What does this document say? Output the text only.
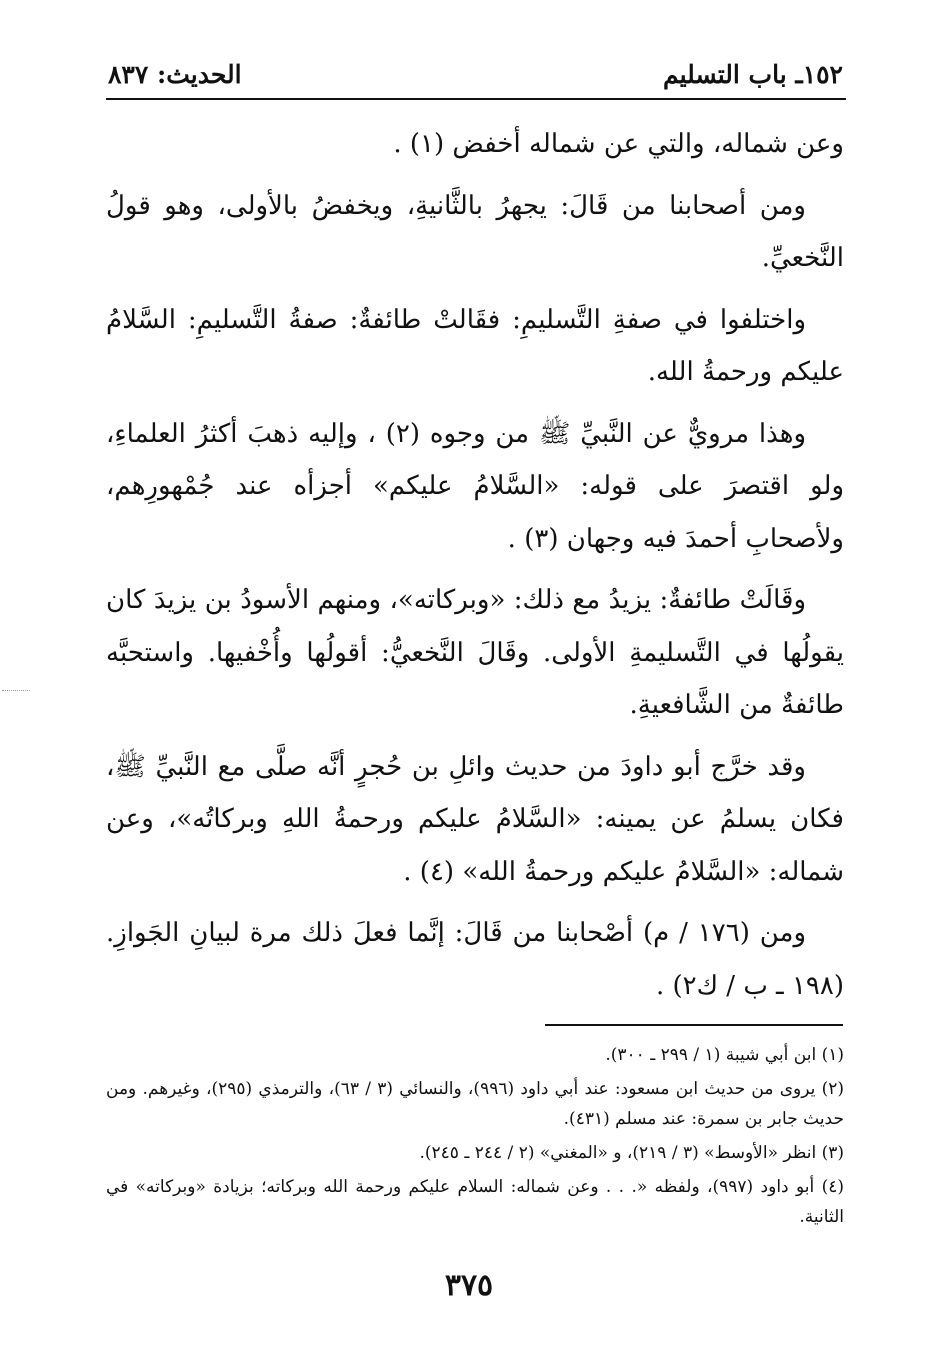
١٥٢ـ باب التسليم
الحديث: ٨٣٧

وعن شماله، والتي عن شماله أخفض (١) .

ومن أصحابنا من قَالَ: يجهرُ بالثَّانيةِ، ويخفضُ بالأولى، وهو قولُ النَّخعيِّ.

واختلفوا في صفةِ التَّسليمِ: فقَالتْ طائفةٌ: صفةُ التَّسليمِ: السَّلامُ عليكم ورحمةُ الله.

وهذا مرويٌّ عن النَّبيِّ ﷺ من وجوه (٢) ، وإليه ذهبَ أكثرُ العلماءِ، ولو اقتصرَ على قوله: «السَّلامُ عليكم» أجزأه عند جُمْهورِهم، ولأصحابِ أحمدَ فيه وجهان (٣) .

وقَالَتْ طائفةٌ: يزيدُ مع ذلك: «وبركاته»، ومنهم الأسودُ بن يزيدَ كان يقولُها في التَّسليمةِ الأولى. وقَالَ النَّخعيُّ: أقولُها وأُخْفيها. واستحبَّه طائفةٌ من الشَّافعيةِ.

وقد خرَّج أبو داودَ من حديث وائلِ بن حُجرٍ أنَّه صلَّى مع النَّبيِّ ﷺ، فكان يسلمُ عن يمينه: «السَّلامُ عليكم ورحمةُ اللهِ وبركاتُه»، وعن شماله: «السَّلامُ عليكم ورحمةُ الله» (٤) .

ومن (١٧٦ / م) أصْحابنا من قَالَ: إنَّما فعلَ ذلك مرة لبيانِ الجَوازِ. (١٩٨ ـ ب / ك٢) .

(١) ابن أبي شيبة (١ / ٢٩٩ ـ ٣٠٠).

(٢) يروى من حديث ابن مسعود: عند أبي داود (٩٩٦)، والنسائي (٣ / ٦٣)، والترمذي (٢٩٥)، وغيرهم. ومن حديث جابر بن سمرة: عند مسلم (٤٣١).

(٣) انظر «الأوسط» (٣ / ٢١٩)، و «المغني» (٢ / ٢٤٤ ـ ٢٤٥).

(٤) أبو داود (٩٩٧)، ولفظه «. . . وعن شماله: السلام عليكم ورحمة الله وبركاته؛ بزيادة «وبركاته» في الثانية.

٣٧٥
